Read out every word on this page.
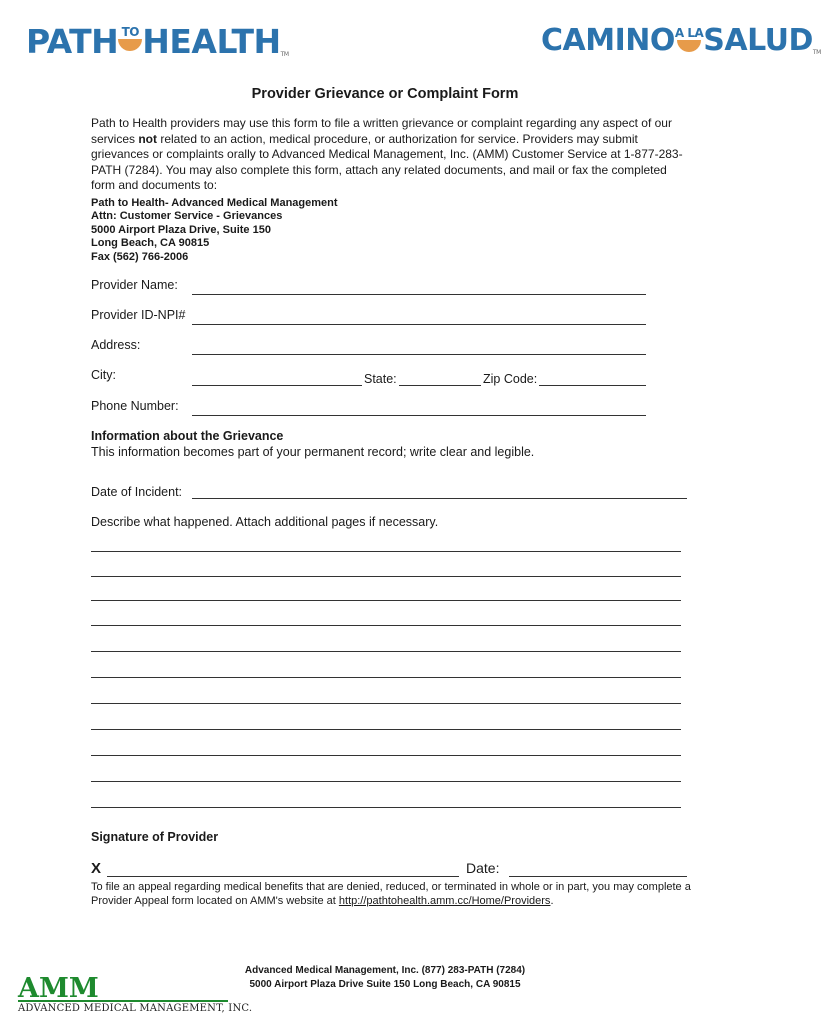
PATH TO HEALTHTM	CAMINO A LA SALUDTM
Provider Grievance or Complaint Form
Path to Health providers may use this form to file a written grievance or complaint regarding any aspect of our services not related to an action, medical procedure, or authorization for service. Providers may submit grievances or complaints orally to Advanced Medical Management, Inc. (AMM) Customer Service at 1-877-283-PATH (7284). You may also complete this form, attach any related documents, and mail or fax the completed form and documents to:
Path to Health- Advanced Medical Management
Attn: Customer Service - Grievances
5000 Airport Plaza Drive, Suite 150
Long Beach, CA 90815
Fax (562) 766-2006
Provider Name:
Provider ID-NPI#
Address:
City:	State:	Zip Code:
Phone Number:
Information about the Grievance
This information becomes part of your permanent record; write clear and legible.
Date of Incident:
Describe what happened. Attach additional pages if necessary.
Signature of Provider
X	Date:
To file an appeal regarding medical benefits that are denied, reduced, or terminated in whole or in part, you may complete a Provider Appeal form located on AMM's website at http://pathtohealth.amm.cc/Home/Providers.
Advanced Medical Management, Inc. (877) 283-PATH (7284)
5000 Airport Plaza Drive Suite 150 Long Beach, CA 90815
AMM
ADVANCED MEDICAL MANAGEMENT, INC.
